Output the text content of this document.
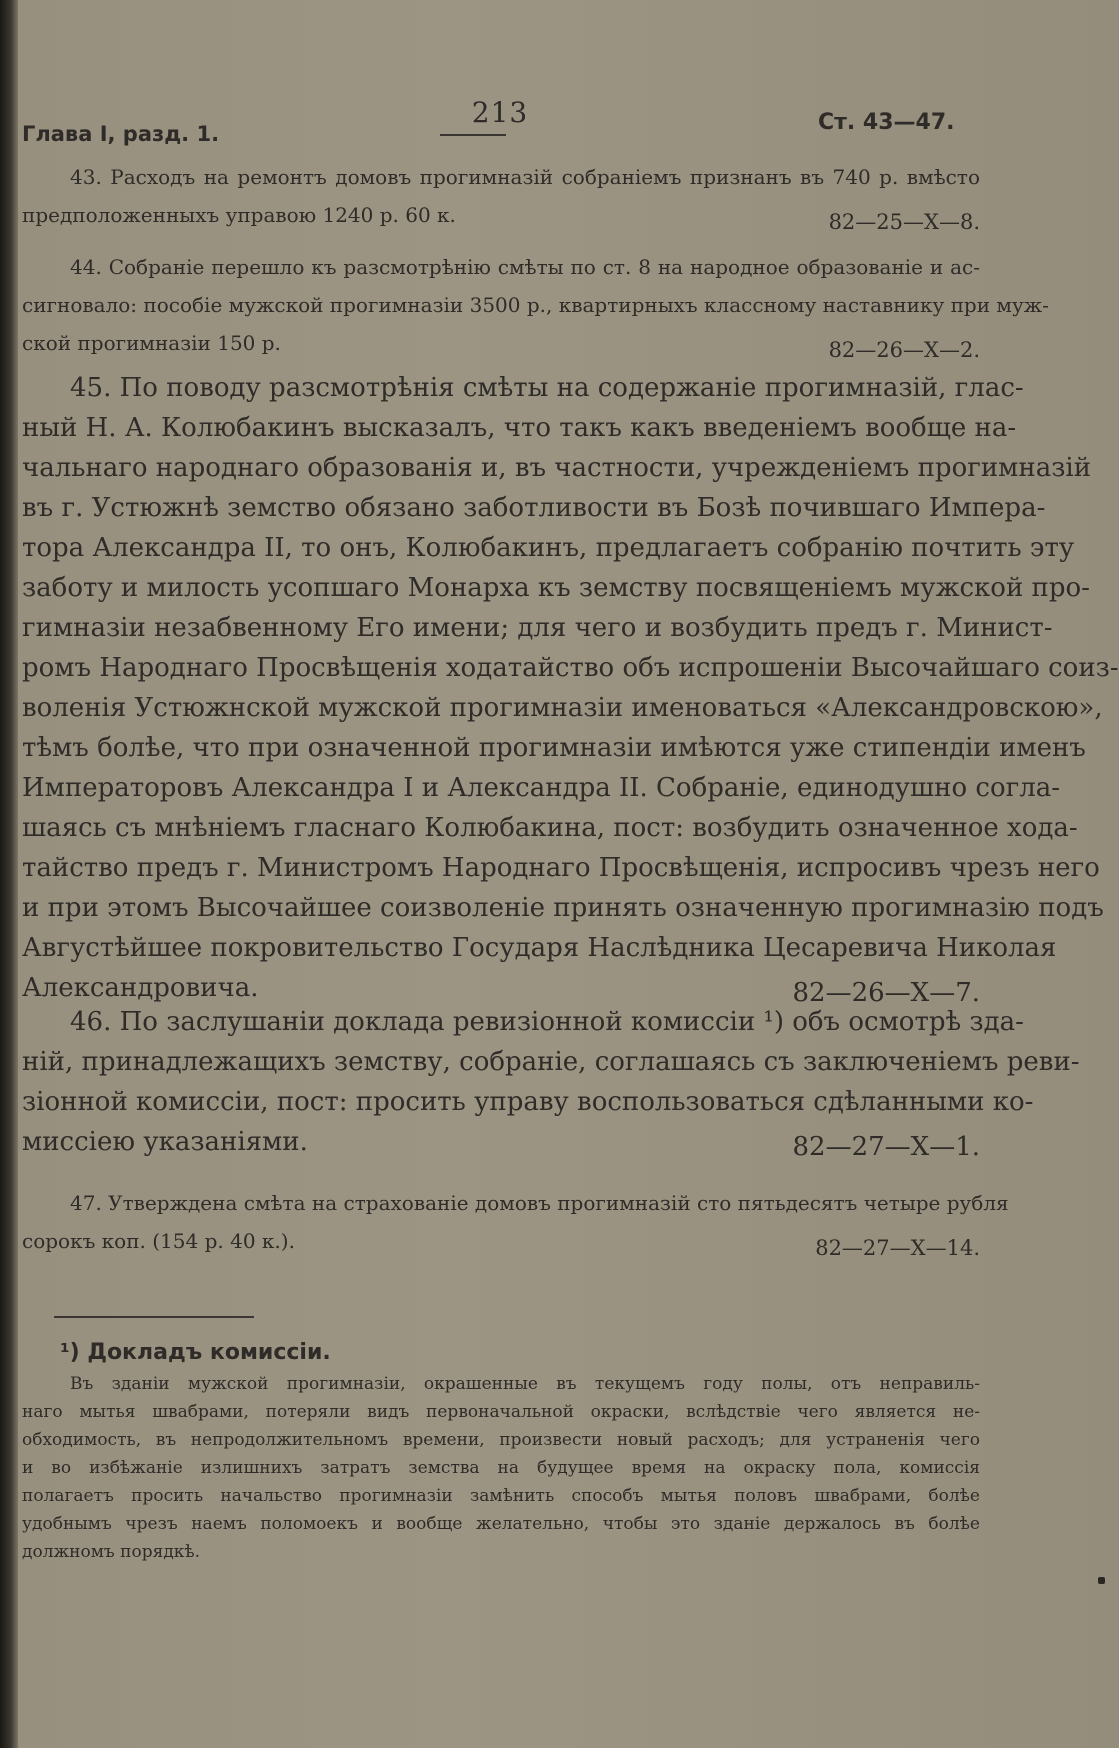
Глава I, разд. 1.
213	Ст. 43—47.
43. Расходъ на ремонтъ домовъ прогимназій собраніемъ признанъ въ 740 р. вмѣсто
предположенныхъ управою 1240 р. 60 к.	82—25—X—8.
44. Собраніе перешло къ разсмотрѣнію смѣты по ст. 8 на народное образованіе и ас-
сигновало: пособіе мужской прогимназіи 3500 р., квартирныхъ классному наставнику при муж-
ской прогимназіи 150 р.	82—26—X—2.
45. По поводу разсмотрѣнія смѣты на содержаніе прогимназій, глас-
ный Н. А. Колюбакинъ высказалъ, что такъ какъ введеніемъ вообще на-
чальнаго народнаго образованія и, въ частности, учрежденіемъ прогимназій
въ г. Устюжнѣ земство обязано заботливости въ Бозѣ почившаго Импера-
тора Александра II, то онъ, Колюбакинъ, предлагаетъ собранію почтить эту
заботу и милость усопшаго Монарха къ земству посвященіемъ мужской про-
гимназіи незабвенному Его имени; для чего и возбудить предъ г. Минист-
ромъ Народнаго Просвѣщенія ходатайство объ испрошеніи Высочайшаго соиз-
воленія Устюжнской мужской прогимназіи именоваться «Александровскою»,
тѣмъ болѣе, что при означенной прогимназіи имѣются уже стипендіи именъ
Императоровъ Александра I и Александра II. Собраніе, единодушно согла-
шаясь съ мнѣніемъ гласнаго Колюбакина, пост: возбудить означенное хода-
тайство предъ г. Министромъ Народнаго Просвѣщенія, испросивъ чрезъ него
и при этомъ Высочайшее соизволеніе принять означенную прогимназію подъ
Августѣйшее покровительство Государя Наслѣдника Цесаревича Николая
Александровича.	82—26—X—7.
46. По заслушаніи доклада ревизіонной комиссіи ¹) объ осмотрѣ зда-
ній, принадлежащихъ земству, собраніе, соглашаясь съ заключеніемъ реви-
зіонной комиссіи, пост: просить управу воспользоваться сдѣланными ко-
миссіею указаніями.	82—27—X—1.
47. Утверждена смѣта на страхованіе домовъ прогимназій сто пятьдесятъ четыре рубля
сорокъ коп. (154 р. 40 к.).	82—27—X—14.
¹) Докладъ комиссіи.
Въ зданіи мужской прогимназіи, окрашенные въ текущемъ году полы, отъ неправиль-
наго мытья швабрами, потеряли видъ первоначальной окраски, вслѣдствіе чего является не-
обходимость, въ непродолжительномъ времени, произвести новый расходъ; для устраненія чего
и во избѣжаніе излишнихъ затратъ земства на будущее время на окраску пола, комиссія
полагаетъ просить начальство прогимназіи замѣнить способъ мытья половъ швабрами, болѣе
удобнымъ чрезъ наемъ поломоекъ и вообще желательно, чтобы это зданіе держалось въ болѣе
должномъ порядкѣ.
